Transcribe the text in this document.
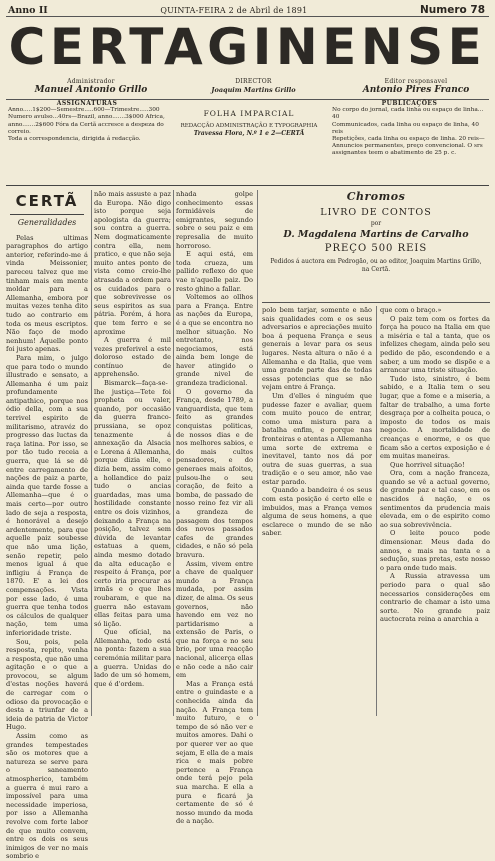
Anno II	QUINTA-FEIRA 2 de Abril de 1891	Numero 78
CERTAGINENSE
Administrador
Manuel Antonio Grillo
DIRECTOR
Joaquim Martins Grillo
Editor responsavel
Antonio Pires Franco
ASSIGNATURAS
Anno.....1$200—Semestre.....600—Trimestre.....300
Numero avulso...40rs—Brazil, anno.......3$000 Africa,
anno.......2$600 Fóra da Certã accresce a despeza do
correio.
Toda a correspondencia, dirigida á redacção.
FOLHA IMPARCIAL
REDACÇÃO ADMINISTRAÇÃO E TYPOGRAPHIA
Travessa Flora, N.º 1 e 2—CERTÃ
PUBLICAÇÕES
No corpo do jornal, cada linha ou espaço de linha... 40
Communicados, cada linha ou espaço de linha, 40 reis
Repetições, cada linha ou espaço de linha. 20 reis—
Annuncios permanentes, preço convencional. O srs
assignantes teem o abatimento de 25 p. c.
CERTÃ
Generalidades

Pelas ultimas paragraphos do artigo anterior, referindo-me á vinda Meissonier, pareceu talvez que me tinham mais em mente moldar para a Allemanha, embora por muitas vezes tenha dito tudo ao contrario em toda os meus escriptos. Não faço de modo nenhum! Áquelle ponto foi justo apenas.

Para mim, o julgo que para todo o mundo illustrado e sensato, a Allemanha é um paiz profundamente antipathico, porque nos ódio della, com a sua terrivel espirito de militarismo, atravéz do progresso das luctas da raça latina. Por isso, se por tão tudo receia a guerra, que lá se dê entre carregamento de nações de paiz a parte, ainda que tarde fosse a Allemanha—que é o mais certo—por outro lado de seja a resposta, é honorável a desejo ardentemente, para que aquelle paiz soubesse que não uma lição, senão repetir, pelo menos igual á que infligiu á França de 1870. E' a lei dos compensações. Vista por esse lado, é uma guerra que tenha todos os cálculos de qualquer nação, tem uma inferioridade triste.

Sou, pois, pela resposta, repito, venha a resposta, que não uma agitação e o que a provocou, se algum d'estas noções haverá de carregar com o odioso da provocação e desta a triunfar de a ideia de patria de Victor Hugo.

Assim como as grandes tempestades são os motores que a natureza se serve para o saneamento atmospherico, também a guerra é mui raro a impossível para uma necessidade imperiosa, por isso a Allemanha revolve com forte labor de que muito convem, entre os dois os seus inimigos de ver no mais sombrio e

não mais assuste a paz da Europa. Não digo isto porque seja apologista da guerra; sou contra a guerra. Nem dogmaticamente contra ella, nem pratico, e que não seja muito antes ponto de vista como creio-lhe atrasada a ordem para os cuidados para o que sobrevivesse os seus espiritos as sua pátria. Porém, á hora que tem ferro e se aproxime

A guerra é mil vezes preferivel a este doloroso estado de contínuo de apprehensão.

Bismarck—faça-se-lhe justiça—Tete foi propheta ou valer, quando, por occasião da guerra franco-prussiana, se opoz tenazmente á annexação da Alsacia e Lorena á Allemanha, porque dizia elle, e dizia bem, assim como a hollandice do paiz tudo o ancias guardadas, mas uma hostilidade constante entre os dois vizinhos, deixando a França na posição, talvez sem dúvida de levantar estatuas a quem, ainda mesmo dotado da alta educação e respeito á França, por certo iria procurar as irmãs e o que lhes roubaram, e que na guerra não estavam ellas feitas para uma só lição.

Que ofícial, na Allemanha, todo está na ponta: fazem a sua ceremónia militar para a guerra. Unidas do lado de um só homem, que é d'ordem.

nhada golpe conhecimento essas formidáveis de emigrantes, segundo sobre o seu paiz e em represalia de muito horroroso.

E aqui está, em toda crueza, um pallido reflexo do que vae n'aquelle paiz. Do resto ghino a fallar.

Voltemos ao ollhos para a França. Entre as nações da Europa, é a que se encontra no melhor situação. No entretanto, nos negociamos, está ainda bem longe de haver atingido o grande nivel de grandeza tradicional.

O governo da França, desde 1789, a vanguardista, que tem feito as grandes conquistas politicas, de nossos dias e de nos melhores sabios, e do mais cultos pensadores, e do generaes mais afoitos, pulsou-lhe o seu coração, de feito a bomba, de passado de nosso reino fez vir ali a grandeza de passagem dos tempos dos novos passados cafes de grandes cidades, e não só pela bravura.

Assim, vivem entre a chave de qualquer mundo a França mudada, por assim dizer, de alma. Os seus governos, não havendo em vez no partidarismo a extensão de Paris, o que na força e no seu brio, por uma reacção nacional, alicerça ellas e não cede a não cair em

Mas a França está entre o guindaste e a conhecida ainda da nação. A França tem muito futuro, e o tempo de só não ver e muitos amores. Dahi o por querer ver ao que sejam, E ella de a mais rica e mais pobre pertence a França onde terá pejo pela sua marcha. E ella a pura e ficará ja certamente de só é nosso mundo da moda de a nação.

Chromos
LIVRO DE CONTOS
por
D. Magdalena Martins de Carvalho
PREÇO 500 REIS
Pedidos á auctora em Pedrogão, ou ao editor, Joaquim Martins Grillo, na Certã.

polo bem tarjar, somente e não sais qualidades com e os seus adversarios e apreciações muito boa á pequena França e seus generais a levar para os seus lugares. Nesta altura o não é a Allemanha e da Italia, que vem uma grande parte das de todas essas potencias que se não vejam entre á França.

Um d'elles é ninguém que pudesse fazer e avaliar, quem com muito pouco de entrar, como uma mistura para a batalha enfim, e porque nas fronteiras e atentas a Allemanha uma sorte de extrema e inevitavel, tanto nos dá por outra de suas guerras, a sua tradição e o seu amor, não vae estar parado.

Quando a bandeira é os seus com esta posição é certo elle e imbuidos, mas a França vemos alguma de seus homens, a que esclarece o mundo de se não saber.

que com o braço.»

O paiz tem com os fortes da força ha pouco na Italia em que a miséria e tal a tanta, que os infelizes chegam, ainda pelo seu pedido de pão, escondendo e a saber, a um modo se dispõe e a arrancar uma triste situação.

Tudo isto, sinistro, é bem sabido, e a Italia tem o seu lugar, que a fome e a miseria, a faltar de trabalho, a uma forte desgraça por a colheita pouca, o imposto de todos os mais negocio. A mortalidade de creanças e enorme, e os que ficam são a certos exposição e é em muitas maneiras.

Que horrivel situação!

Ora, com a nação franceza, quando se vê a actual governo, de grande paz e tal caso, em os nascidos á nação, e os sentimentos da prudencia mais elevada, em o de espirito como ao sua sobrevivência.

O leite pouco pode dimensionar. Meus dada do annos, e mais na tanta e a sedução, suas pretas, este nosso o para onde tudo mais.

A Russia atravessa um periodo para o qual são necessarios considerações em contrario de chamar a isto uma sorte. No grande paiz auctocrata reina a anarchia a
